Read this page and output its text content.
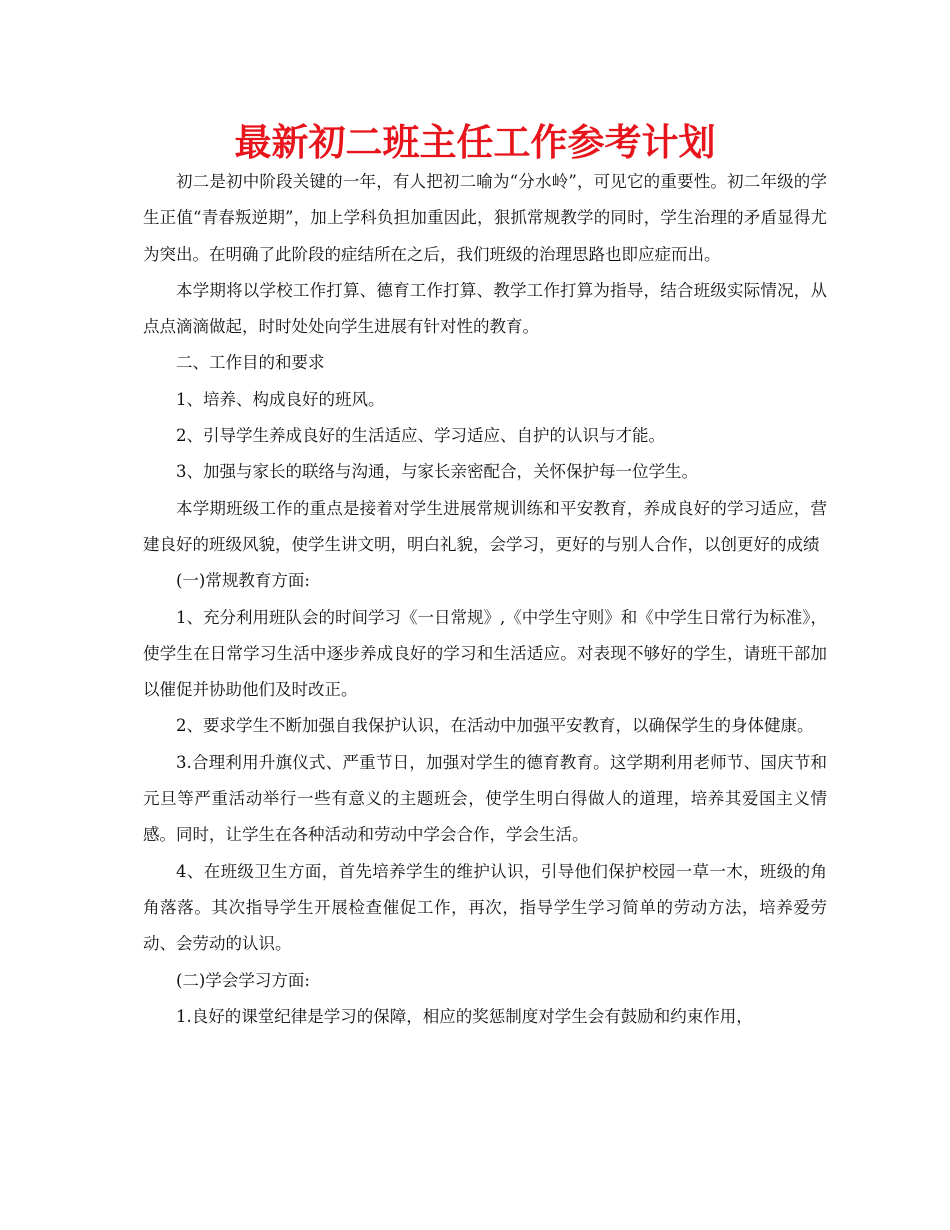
最新初二班主任工作参考计划

初二是初中阶段关键的一年，有人把初二喻为“分水岭”，可见它的重要性。初二年级的学生正值“青春叛逆期”，加上学科负担加重因此，狠抓常规教学的同时，学生治理的矛盾显得尤为突出。在明确了此阶段的症结所在之后，我们班级的治理思路也即应症而出。

本学期将以学校工作打算、德育工作打算、教学工作打算为指导，结合班级实际情况，从点点滴滴做起，时时处处向学生进展有针对性的教育。

二、工作目的和要求

1、培养、构成良好的班风。

2、引导学生养成良好的生活适应、学习适应、自护的认识与才能。

3、加强与家长的联络与沟通，与家长亲密配合，关怀保护每一位学生。

本学期班级工作的重点是接着对学生进展常规训练和平安教育，养成良好的学习适应，营建良好的班级风貌，使学生讲文明，明白礼貌，会学习，更好的与别人合作，以创更好的成绩

(一)常规教育方面:

1、充分利用班队会的时间学习《一日常规》,《中学生守则》和《中学生日常行为标准》，使学生在日常学习生活中逐步养成良好的学习和生活适应。对表现不够好的学生，请班干部加以催促并协助他们及时改正。

2、要求学生不断加强自我保护认识，在活动中加强平安教育，以确保学生的身体健康。

3.合理利用升旗仪式、严重节日，加强对学生的德育教育。这学期利用老师节、国庆节和元旦等严重活动举行一些有意义的主题班会，使学生明白得做人的道理，培养其爱国主义情感。同时，让学生在各种活动和劳动中学会合作，学会生活。

4、在班级卫生方面，首先培养学生的维护认识，引导他们保护校园一草一木，班级的角角落落。其次指导学生开展检查催促工作，再次，指导学生学习简单的劳动方法，培养爱劳动、会劳动的认识。

(二)学会学习方面:

1.良好的课堂纪律是学习的保障，相应的奖惩制度对学生会有鼓励和约束作用，
